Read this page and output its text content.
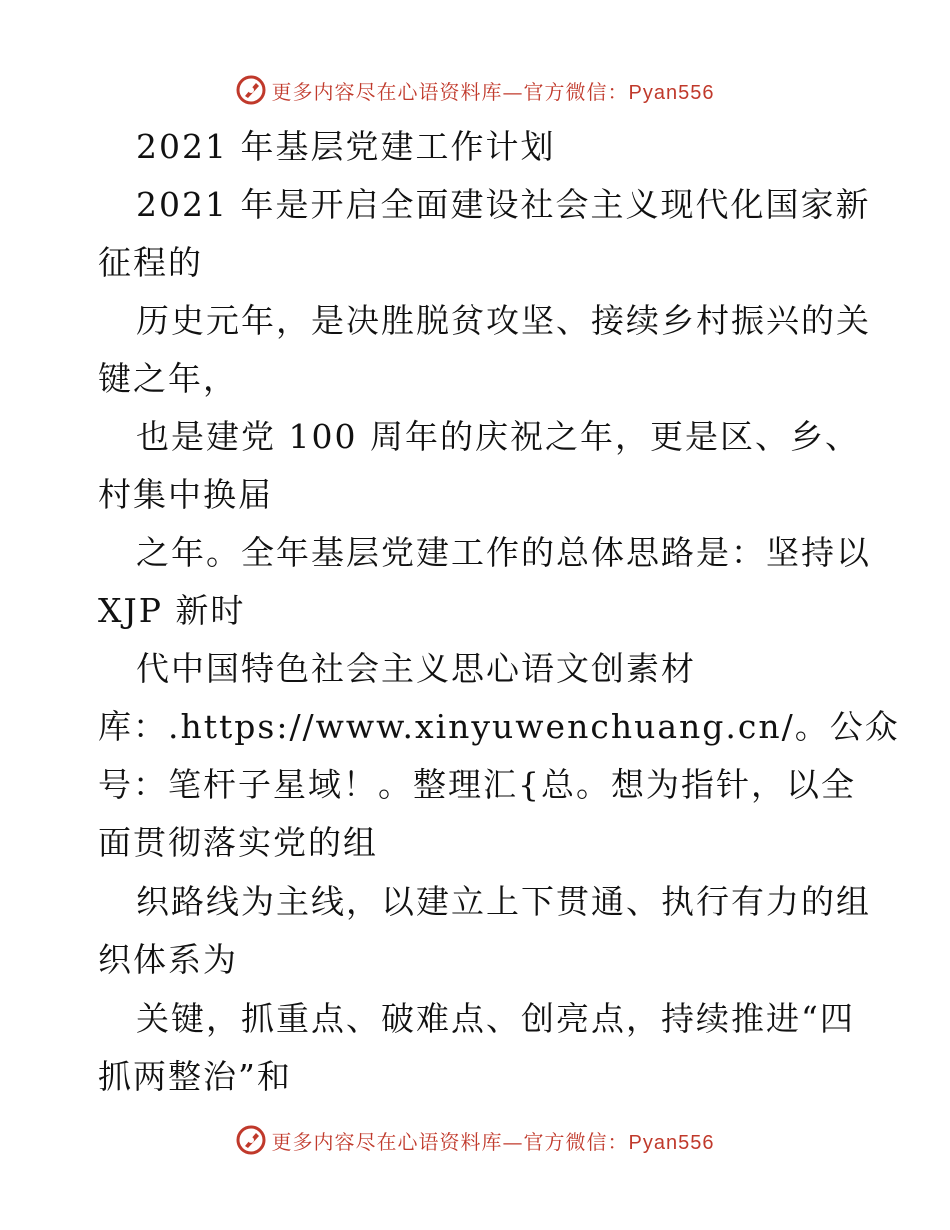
更多内容尽在心语资料库—官方微信：Pyan556
2021 年基层党建工作计划
2021 年是开启全面建设社会主义现代化国家新
征程的
历史元年，是决胜脱贫攻坚、接续乡村振兴的关
键之年，
也是建党 100 周年的庆祝之年，更是区、乡、
村集中换届
之年。全年基层党建工作的总体思路是：坚持以
XJP 新时
代中国特色社会主义思心语文创素材
库：.https://www.xinyuwenchuang.cn/。公众
号：笔杆子星域！。整理汇{总。想为指针，以全
面贯彻落实党的组
织路线为主线，以建立上下贯通、执行有力的组
织体系为
关键，抓重点、破难点、创亮点，持续推进“四
抓两整治”和
更多内容尽在心语资料库—官方微信：Pyan556
